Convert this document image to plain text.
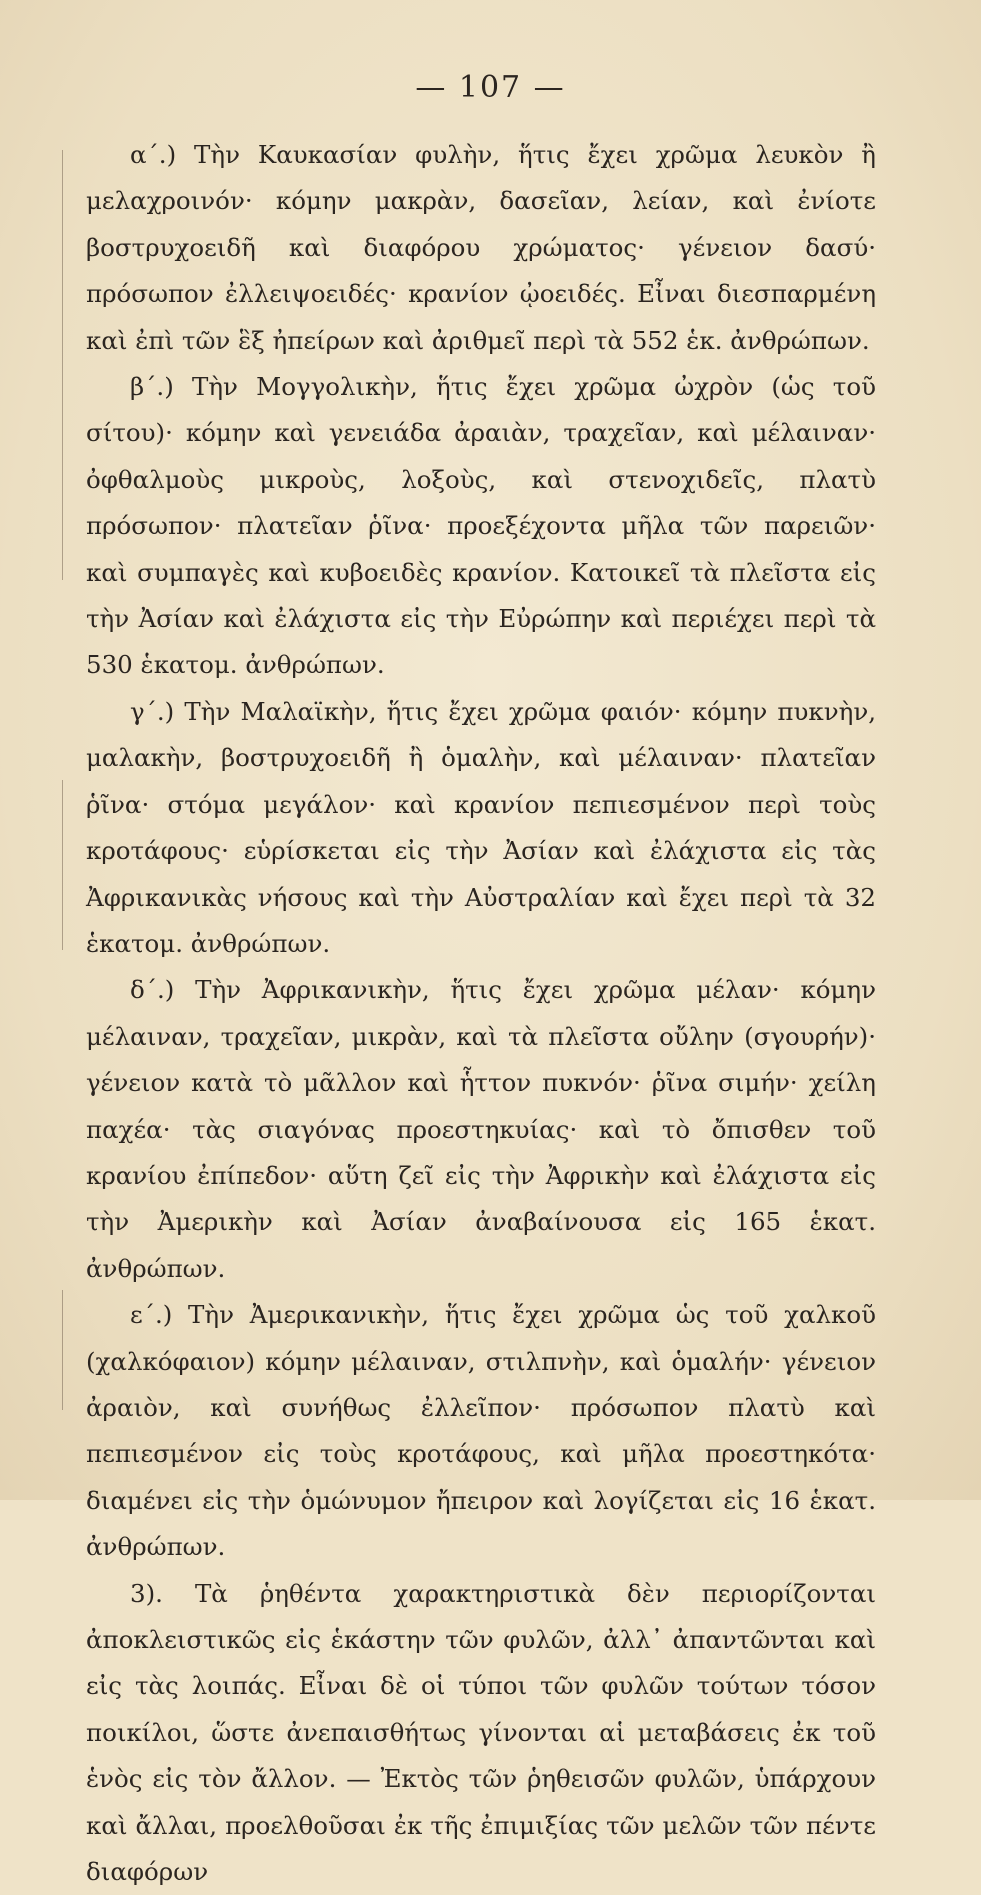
— 107 —

α΄.) Τὴν Καυκασίαν φυλὴν, ἥτις ἔχει χρῶμα λευκὸν ἢ μελαχροινόν· κόμην μακρὰν, δασεῖαν, λείαν, καὶ ἐνίοτε βοστρυχοειδῆ καὶ διαφόρου χρώματος· γένειον δασύ· πρόσωπον ἐλλειψοειδές· κρανίον ᾠοειδές. Εἶναι διεσπαρμένη καὶ ἐπὶ τῶν ἓξ ἠπείρων καὶ ἀριθμεῖ περὶ τὰ 552 ἑκ. ἀνθρώπων.

β΄.) Τὴν Μογγολικὴν, ἥτις ἔχει χρῶμα ὠχρὸν (ὡς τοῦ σίτου)· κόμην καὶ γενειάδα ἀραιὰν, τραχεῖαν, καὶ μέλαιναν· ὀφθαλμοὺς μικροὺς, λοξοὺς, καὶ στενοχιδεῖς, πλατὺ πρόσωπον· πλατεῖαν ῥῖνα· προεξέχοντα μῆλα τῶν παρειῶν· καὶ συμπαγὲς καὶ κυβοειδὲς κρανίον. Κατοικεῖ τὰ πλεῖστα εἰς τὴν Ἀσίαν καὶ ἐλάχιστα εἰς τὴν Εὐρώπην καὶ περιέχει περὶ τὰ 530 ἑκατομ. ἀνθρώπων.

γ΄.) Τὴν Μαλαϊκὴν, ἥτις ἔχει χρῶμα φαιόν· κόμην πυκνὴν, μαλακὴν, βοστρυχοειδῆ ἢ ὁμαλὴν, καὶ μέλαιναν· πλατεῖαν ῥῖνα· στόμα μεγάλον· καὶ κρανίον πεπιεσμένον περὶ τοὺς κροτάφους· εὑρίσκεται εἰς τὴν Ἀσίαν καὶ ἐλάχιστα εἰς τὰς Ἀφρικανικὰς νήσους καὶ τὴν Αὐστραλίαν καὶ ἔχει περὶ τὰ 32 ἑκατομ. ἀνθρώπων.

δ΄.) Τὴν Ἀφρικανικὴν, ἥτις ἔχει χρῶμα μέλαν· κόμην μέλαιναν, τραχεῖαν, μικρὰν, καὶ τὰ πλεῖστα οὔλην (σγουρήν)· γένειον κατὰ τὸ μᾶλλον καὶ ἧττον πυκνόν· ῥῖνα σιμήν· χείλη παχέα· τὰς σιαγόνας προεστηκυίας· καὶ τὸ ὄπισθεν τοῦ κρανίου ἐπίπεδον· αὕτη ζεῖ εἰς τὴν Ἀφρικὴν καὶ ἐλάχιστα εἰς τὴν Ἀμερικὴν καὶ Ἀσίαν ἀναβαίνουσα εἰς 165 ἑκατ. ἀνθρώπων.

ε΄.) Τὴν Ἀμερικανικὴν, ἥτις ἔχει χρῶμα ὡς τοῦ χαλκοῦ (χαλκόφαιον) κόμην μέλαιναν, στιλπνὴν, καὶ ὁμαλήν· γένειον ἀραιὸν, καὶ συνήθως ἐλλεῖπον· πρόσωπον πλατὺ καὶ πεπιεσμένον εἰς τοὺς κροτάφους, καὶ μῆλα προεστηκότα· διαμένει εἰς τὴν ὁμώνυμον ἤπειρον καὶ λογίζεται εἰς 16 ἑκατ. ἀνθρώπων.

3). Τὰ ῥηθέντα χαρακτηριστικὰ δὲν περιορίζονται ἀποκλειστικῶς εἰς ἑκάστην τῶν φυλῶν, ἀλλ᾽ ἀπαντῶνται καὶ εἰς τὰς λοιπάς. Εἶναι δὲ οἱ τύποι τῶν φυλῶν τούτων τόσον ποικίλοι, ὥστε ἀνεπαισθήτως γίνονται αἱ μεταβάσεις ἐκ τοῦ ἑνὸς εἰς τὸν ἄλλον. — Ἐκτὸς τῶν ῥηθεισῶν φυλῶν, ὑπάρχουν καὶ ἄλλαι, προελθοῦσαι ἐκ τῆς ἐπιμιξίας τῶν μελῶν τῶν πέντε διαφόρων
